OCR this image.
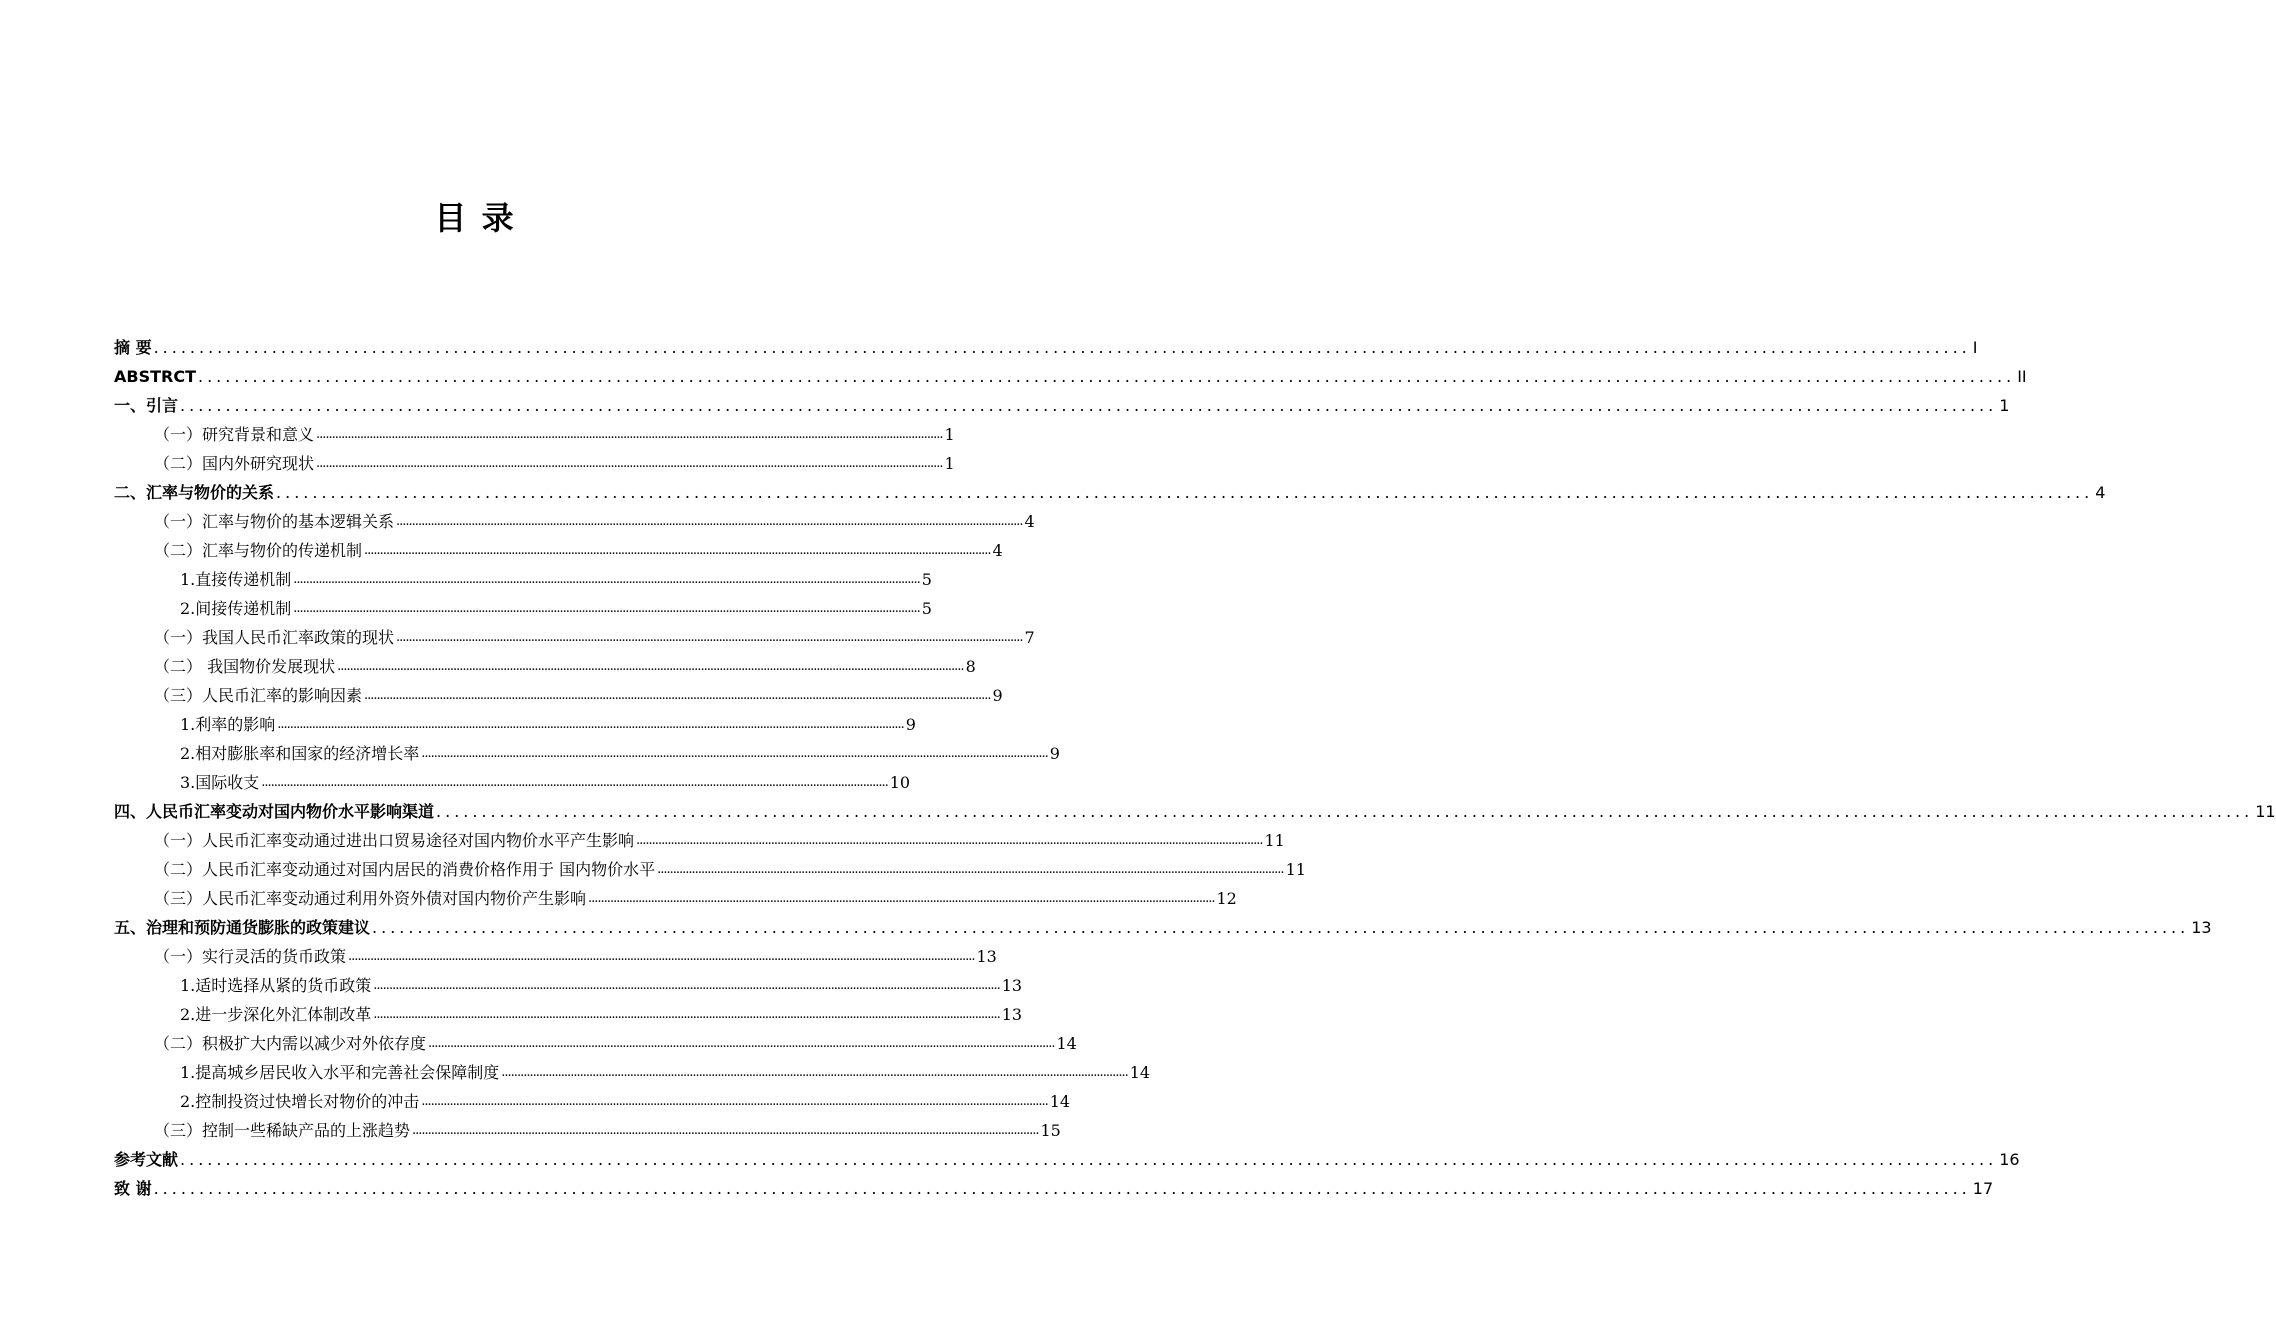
目 录
摘 要 ........................................................................................................................................................................................................ I
ABSTRCT ........................................................................................................................................................................................................ II
一、引言 ........................................................................................................................................................................................................ 1
（一）研究背景和意义 ........................................................................................................................................................................................................ 1
（二）国内外研究现状 ........................................................................................................................................................................................................ 1
二、汇率与物价的关系 ........................................................................................................................................................................................................ 4
（一）汇率与物价的基本逻辑关系 ........................................................................................................................................................................................................ 4
（二）汇率与物价的传递机制 ........................................................................................................................................................................................................ 4
1.直接传递机制 ........................................................................................................................................................................................................ 5
2.间接传递机制 ........................................................................................................................................................................................................ 5
（一）我国人民币汇率政策的现状 ........................................................................................................................................................................................................ 7
（二） 我国物价发展现状 ........................................................................................................................................................................................................ 8
（三）人民币汇率的影响因素 ........................................................................................................................................................................................................ 9
1.利率的影响 ........................................................................................................................................................................................................ 9
2.相对膨胀率和国家的经济增长率 ........................................................................................................................................................................................................ 9
3.国际收支 ........................................................................................................................................................................................................ 10
四、人民币汇率变动对国内物价水平影响渠道 ........................................................................................................................................................................................................ 11
（一）人民币汇率变动通过进出口贸易途径对国内物价水平产生影响 ........................................................................................................................................................................................................ 11
（二）人民币汇率变动通过对国内居民的消费价格作用于 国内物价水平 ........................................................................................................................................................................................................ 11
（三）人民币汇率变动通过利用外资外债对国内物价产生影响 ........................................................................................................................................................................................................ 12
五、治理和预防通货膨胀的政策建议 ........................................................................................................................................................................................................ 13
（一）实行灵活的货币政策 ........................................................................................................................................................................................................ 13
1.适时选择从紧的货币政策 ........................................................................................................................................................................................................ 13
2.进一步深化外汇体制改革 ........................................................................................................................................................................................................ 13
（二）积极扩大内需以减少对外依存度 ........................................................................................................................................................................................................ 14
1.提高城乡居民收入水平和完善社会保障制度 ........................................................................................................................................................................................................ 14
2.控制投资过快增长对物价的冲击 ........................................................................................................................................................................................................ 14
（三）控制一些稀缺产品的上涨趋势 ........................................................................................................................................................................................................ 15
参考文献 ........................................................................................................................................................................................................ 16
致 谢 ........................................................................................................................................................................................................ 17
